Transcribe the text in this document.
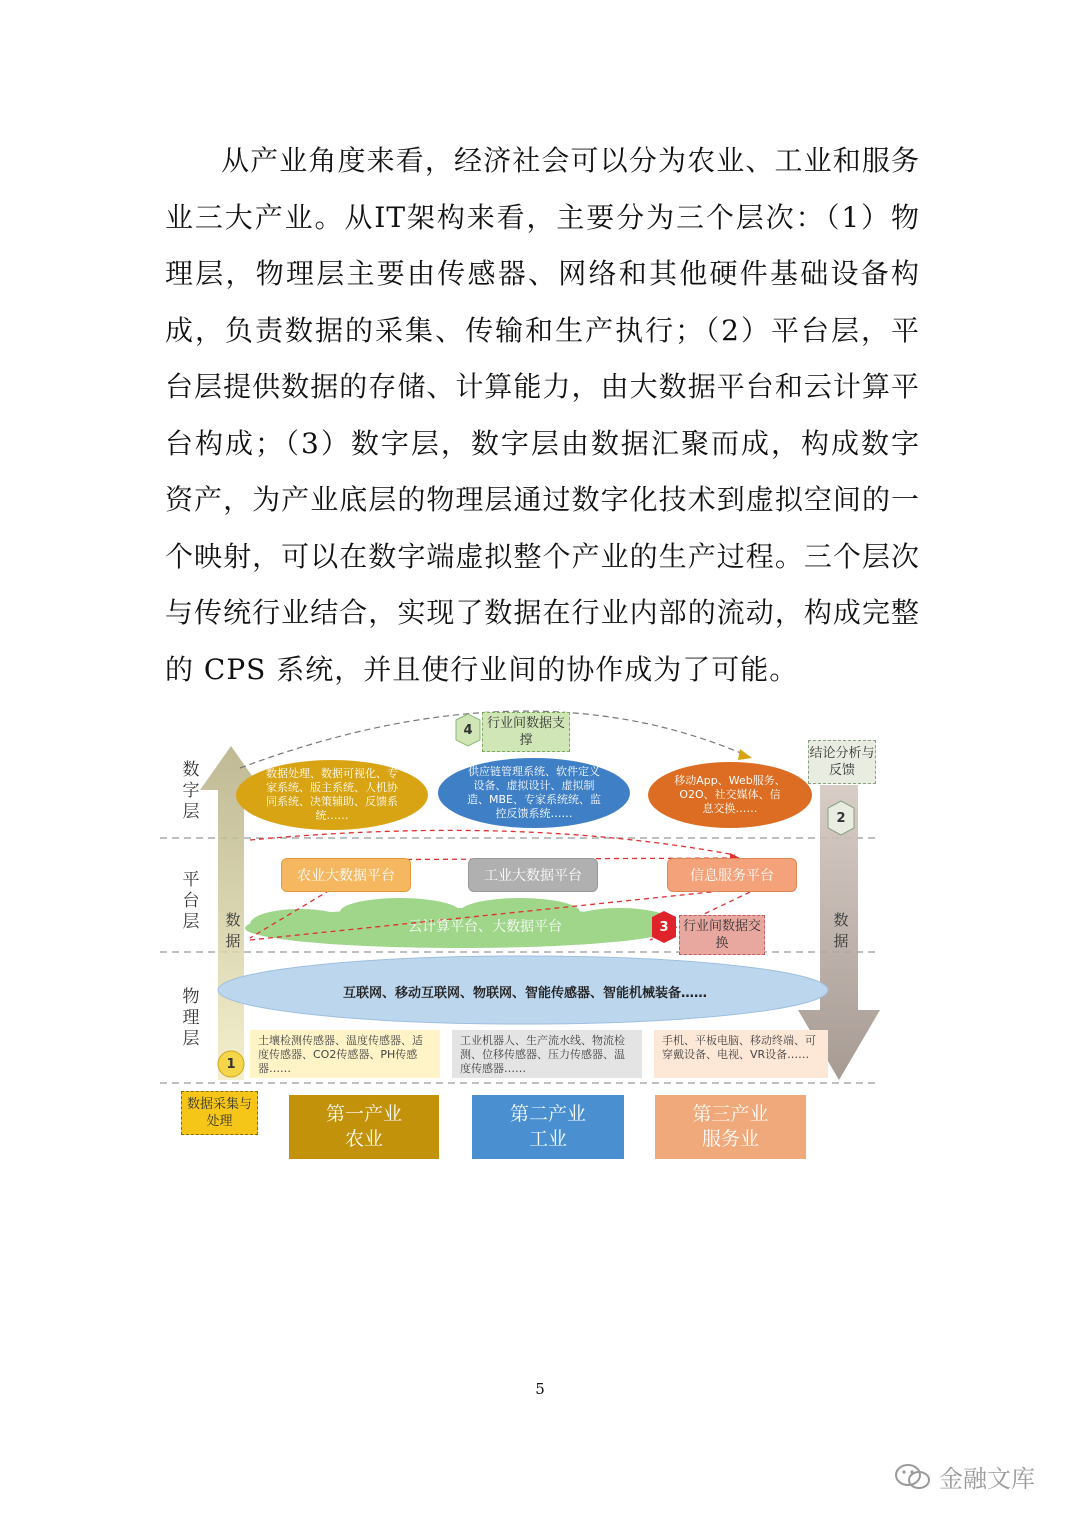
从产业角度来看，经济社会可以分为农业、工业和服务业三大产业。从IT架构来看，主要分为三个层次：（1）物理层，物理层主要由传感器、网络和其他硬件基础设备构成，负责数据的采集、传输和生产执行；（2）平台层，平台层提供数据的存储、计算能力，由大数据平台和云计算平台构成；（3）数字层，数字层由数据汇聚而成，构成数字资产，为产业底层的物理层通过数字化技术到虚拟空间的一个映射，可以在数字端虚拟整个产业的生产过程。三个层次与传统行业结合，实现了数据在行业内部的流动，构成完整的 CPS 系统，并且使行业间的协作成为了可能。

数字层
平台层
物理层
数据
数据
4	行业间数据支撑
结论分析与反馈
2
数据处理、数据可视化、专家系统、版主系统、人机协同系统、决策辅助、反馈系统……
供应链管理系统、软件定义设备、虚拟设计、虚拟制造、MBE、专家系统统、监控反馈系统……
移动App、Web服务、O2O、社交媒体、信息交换……
农业大数据平台	工业大数据平台	信息服务平台
云计算平台、大数据平台	3	行业间数据交换
互联网、移动互联网、物联网、智能传感器、智能机械装备……
土壤检测传感器、温度传感器、适度传感器、CO2传感器、PH传感器……
工业机器人、生产流水线、物流检测、位移传感器、压力传感器、温度传感器……
手机、平板电脑、移动终端、可穿戴设备、电视、VR设备……
1
数据采集与处理	第一产业
农业
第二产业
工业
第三产业
服务业
5
金融文库
